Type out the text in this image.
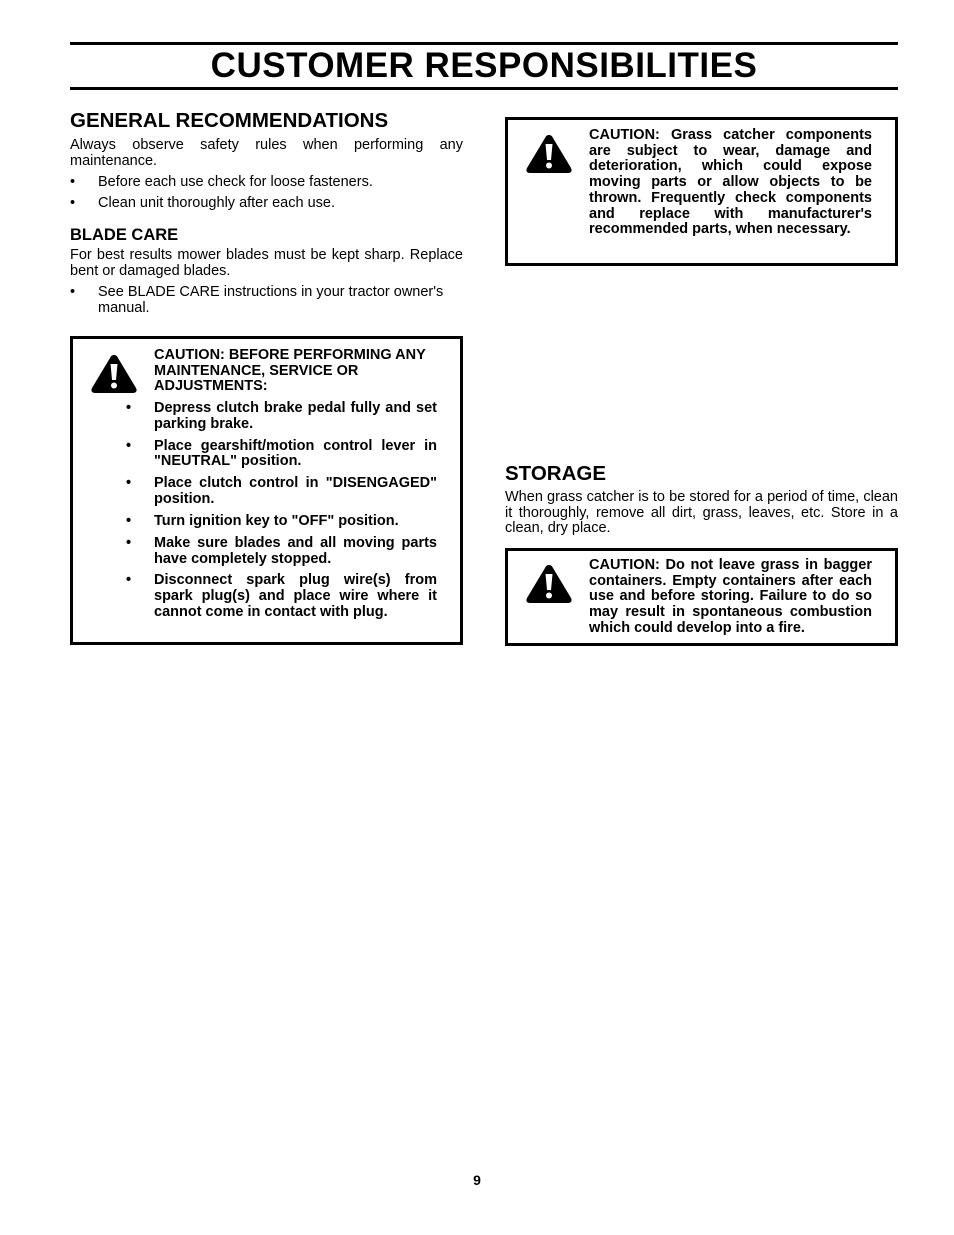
CUSTOMER RESPONSIBILITIES
GENERAL RECOMMENDATIONS

Always observe safety rules when performing any maintenance.

• Before each use check for loose fasteners.
• Clean unit thoroughly after each use.
BLADE CARE

For best results mower blades must be kept sharp. Replace bent or damaged blades.

• See BLADE CARE instructions in your tractor owner's manual.

CAUTION: BEFORE PERFORMING ANY MAINTENANCE, SERVICE OR ADJUSTMENTS:

• Depress clutch brake pedal fully and set parking brake.
• Place gearshift/motion control lever in "NEUTRAL" position.
• Place clutch control in "DISENGAGED" position.
• Turn ignition key to "OFF" position.
• Make sure blades and all moving parts have completely stopped.
• Disconnect spark plug wire(s) from spark plug(s) and place wire where it cannot come in contact with plug.

CAUTION: Grass catcher components are subject to wear, damage and deterioration, which could expose moving parts or allow objects to be thrown. Frequently check components and replace with manufacturer's recommended parts, when necessary.

STORAGE

When grass catcher is to be stored for a period of time, clean it thoroughly, remove all dirt, grass, leaves, etc. Store in a clean, dry place.

CAUTION: Do not leave grass in bagger containers. Empty containers after each use and before storing. Failure to do so may result in spontaneous combustion which could develop into a fire.

9
